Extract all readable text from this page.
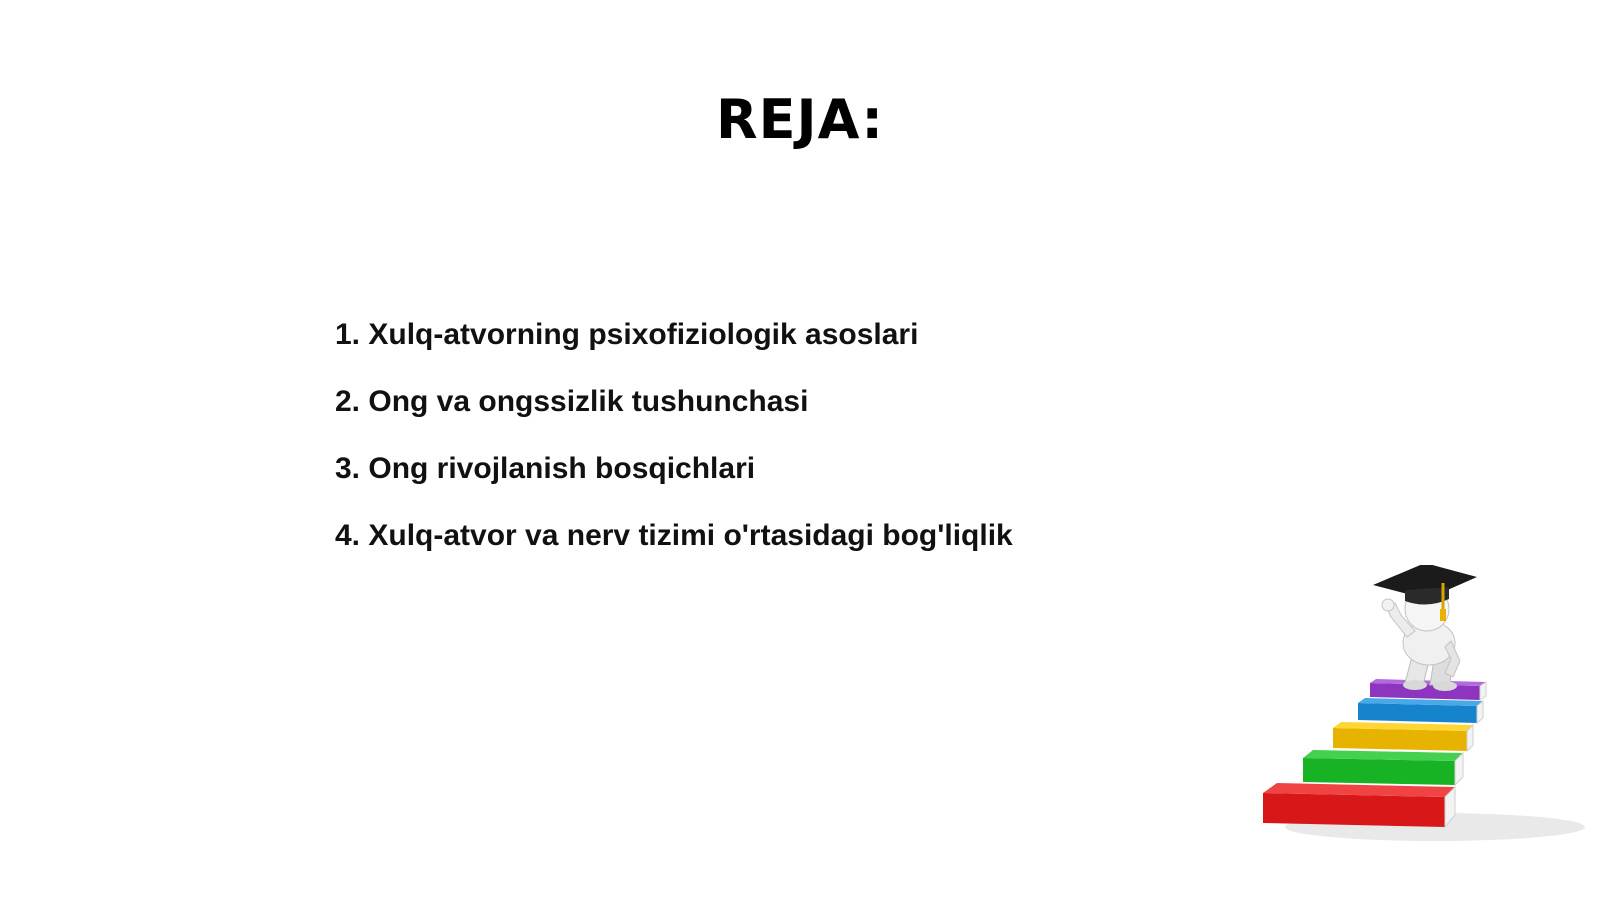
REJA:
1. Xulq-atvorning psixofiziologik asoslari
2. Ong va ongssizlik tushunchasi
3. Ong rivojlanish bosqichlari
4. Xulq-atvor va nerv tizimi o'rtasidagi bog'liqlik
